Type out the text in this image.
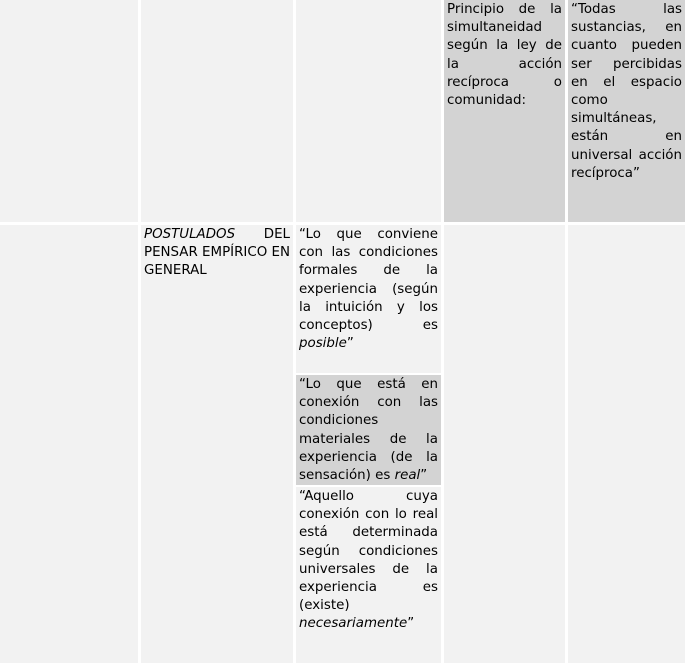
Principio de la simultaneidad según la ley de la acción recíproca o comunidad:
“Todas las sustancias, en cuanto pueden ser percibidas en el espacio como simultáneas, están en universal acción recíproca”
POSTULADOS DEL PENSAR EMPÍRICO EN GENERAL
“Lo que conviene con las condiciones formales de la experiencia (según la intuición y los conceptos) es posible”
“Lo que está en conexión con las condiciones materiales de la experiencia (de la sensación) es real”
“Aquello cuya conexión con lo real está determinada según condiciones universales de la experiencia es (existe) necesariamente”
